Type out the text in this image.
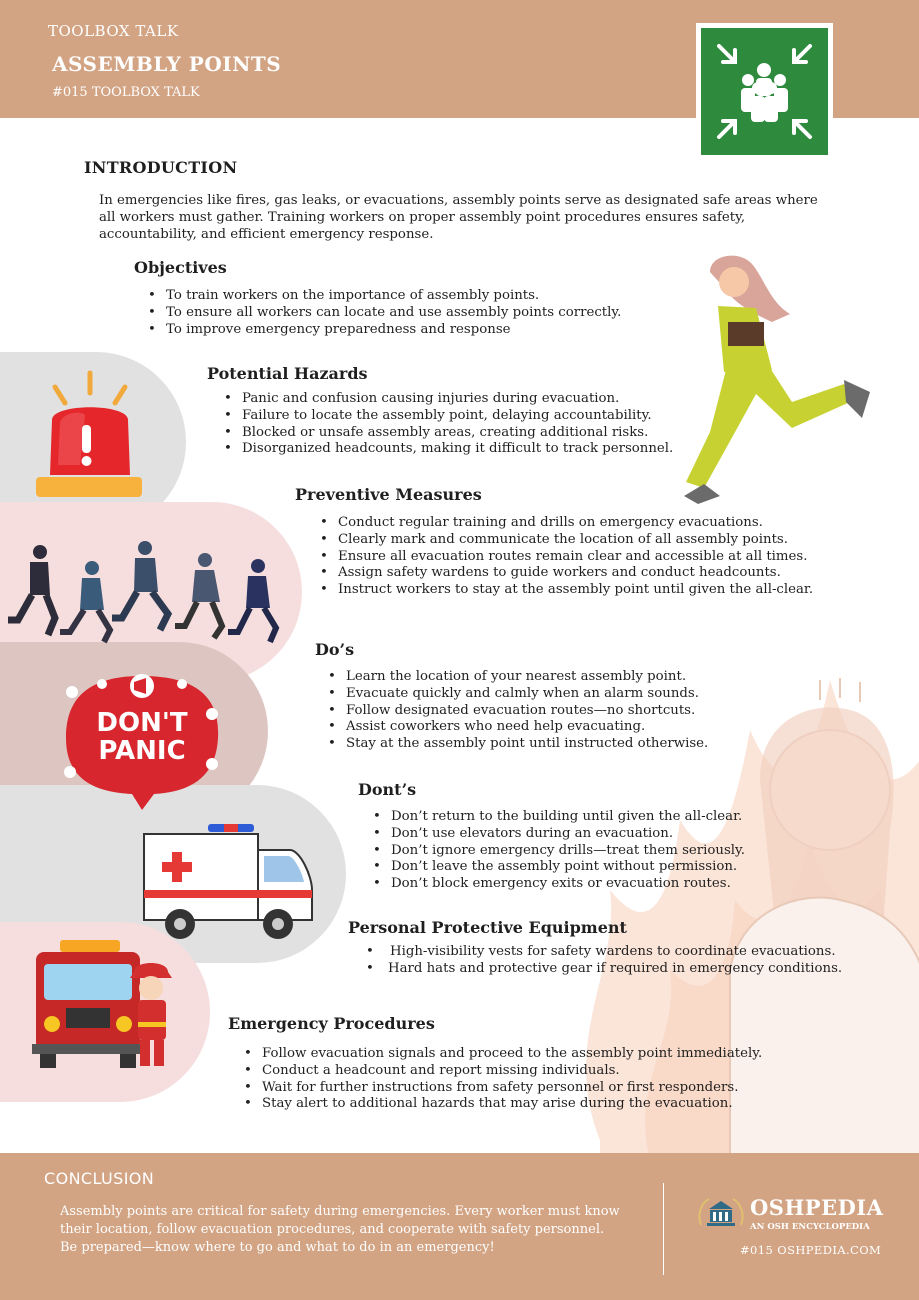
TOOLBOX TALK
ASSEMBLY POINTS
#015 TOOLBOX TALK
DON'T
PANIC
INTRODUCTION
In emergencies like fires, gas leaks, or evacuations, assembly points serve as designated safe areas where all workers must gather. Training workers on proper assembly point procedures ensures safety, accountability, and efficient emergency response.
Objectives
• To train workers on the importance of assembly points.
• To ensure all workers can locate and use assembly points correctly.
• To improve emergency preparedness and response
Potential Hazards
• Panic and confusion causing injuries during evacuation.
• Failure to locate the assembly point, delaying accountability.
• Blocked or unsafe assembly areas, creating additional risks.
• Disorganized headcounts, making it difficult to track personnel.
Preventive Measures
• Conduct regular training and drills on emergency evacuations.
• Clearly mark and communicate the location of all assembly points.
• Ensure all evacuation routes remain clear and accessible at all times.
• Assign safety wardens to guide workers and conduct headcounts.
• Instruct workers to stay at the assembly point until given the all-clear.
Do’s
• Learn the location of your nearest assembly point.
• Evacuate quickly and calmly when an alarm sounds.
• Follow designated evacuation routes—no shortcuts.
• Assist coworkers who need help evacuating.
• Stay at the assembly point until instructed otherwise.
Dont’s
• Don’t return to the building until given the all-clear.
• Don’t use elevators during an evacuation.
• Don’t ignore emergency drills—treat them seriously.
• Don’t leave the assembly point without permission.
• Don’t block emergency exits or evacuation routes.
Personal Protective Equipment
• High-visibility vests for safety wardens to coordinate evacuations.
• Hard hats and protective gear if required in emergency conditions.
Emergency Procedures
• Follow evacuation signals and proceed to the assembly point immediately.
• Conduct a headcount and report missing individuals.
• Wait for further instructions from safety personnel or first responders.
• Stay alert to additional hazards that may arise during the evacuation.
CONCLUSION
Assembly points are critical for safety during emergencies. Every worker must know their location, follow evacuation procedures, and cooperate with safety personnel. Be prepared—know where to go and what to do in an emergency!
OSHPEDIA
AN OSH ENCYCLOPEDIA
#015 OSHPEDIA.COM
